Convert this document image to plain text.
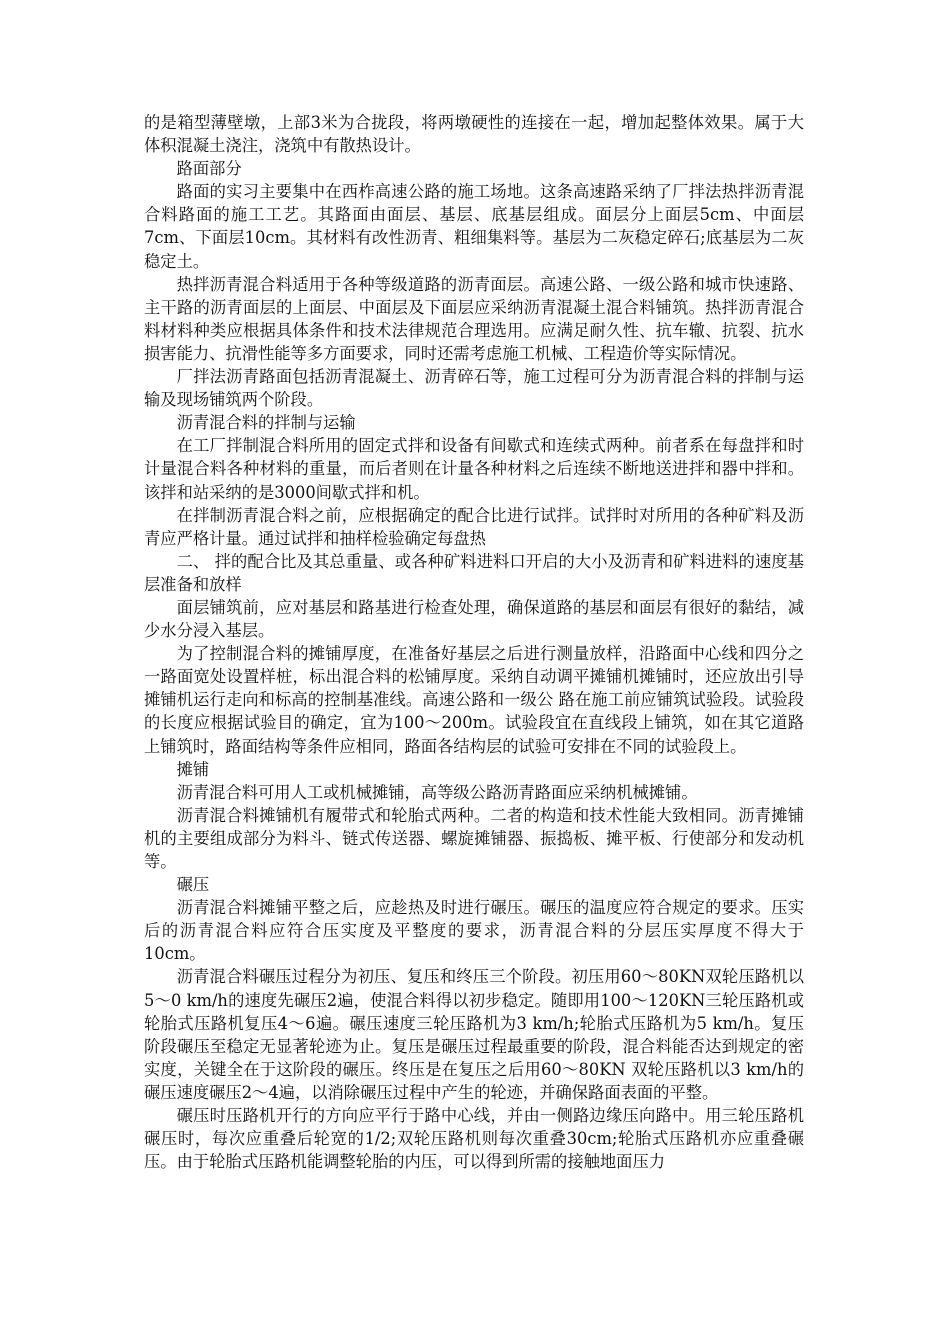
的是箱型薄壁墩，上部3米为合拢段，将两墩硬性的连接在一起，增加起整体效果。属于大体积混凝土浇注，浇筑中有散热设计。

路面部分

路面的实习主要集中在西柞高速公路的施工场地。这条高速路采纳了厂拌法热拌沥青混合料路面的施工工艺。其路面由面层、基层、底基层组成。面层分上面层5cm、中面层7cm、下面层10cm。其材料有改性沥青、粗细集料等。基层为二灰稳定碎石;底基层为二灰稳定土。

热拌沥青混合料适用于各种等级道路的沥青面层。高速公路、一级公路和城市快速路、主干路的沥青面层的上面层、中面层及下面层应采纳沥青混凝土混合料铺筑。热拌沥青混合料材料种类应根据具体条件和技术法律规范合理选用。应满足耐久性、抗车辙、抗裂、抗水损害能力、抗滑性能等多方面要求，同时还需考虑施工机械、工程造价等实际情况。

厂拌法沥青路面包括沥青混凝土、沥青碎石等，施工过程可分为沥青混合料的拌制与运输及现场铺筑两个阶段。

沥青混合料的拌制与运输

在工厂拌制混合料所用的固定式拌和设备有间歇式和连续式两种。前者系在每盘拌和时计量混合料各种材料的重量，而后者则在计量各种材料之后连续不断地送进拌和器中拌和。该拌和站采纳的是3000间歇式拌和机。

在拌制沥青混合料之前，应根据确定的配合比进行试拌。试拌时对所用的各种矿料及沥青应严格计量。通过试拌和抽样检验确定每盘热

二、 拌的配合比及其总重量、或各种矿料进料口开启的大小及沥青和矿料进料的速度基层准备和放样

面层铺筑前，应对基层和路基进行检查处理，确保道路的基层和面层有很好的黏结，减少水分浸入基层。

为了控制混合料的摊铺厚度，在准备好基层之后进行测量放样，沿路面中心线和四分之一路面宽处设置样桩，标出混合料的松铺厚度。采纳自动调平摊铺机摊铺时，还应放出引导摊铺机运行走向和标高的控制基准线。高速公路和一级公 路在施工前应铺筑试验段。试验段的长度应根据试验目的确定，宜为100～200m。试验段宜在直线段上铺筑，如在其它道路上铺筑时，路面结构等条件应相同，路面各结构层的试验可安排在不同的试验段上。

摊铺

沥青混合料可用人工或机械摊铺，高等级公路沥青路面应采纳机械摊铺。

沥青混合料摊铺机有履带式和轮胎式两种。二者的构造和技术性能大致相同。沥青摊铺机的主要组成部分为料斗、链式传送器、螺旋摊铺器、振捣板、摊平板、行使部分和发动机等。

碾压

沥青混合料摊铺平整之后，应趁热及时进行碾压。碾压的温度应符合规定的要求。压实后的沥青混合料应符合压实度及平整度的要求，沥青混合料的分层压实厚度不得大于10cm。

沥青混合料碾压过程分为初压、复压和终压三个阶段。初压用60～80KN双轮压路机以5～0 km/h的速度先碾压2遍，使混合料得以初步稳定。随即用100～120KN三轮压路机或轮胎式压路机复压4～6遍。碾压速度三轮压路机为3 km/h;轮胎式压路机为5 km/h。复压阶段碾压至稳定无显著轮迹为止。复压是碾压过程最重要的阶段，混合料能否达到规定的密实度，关键全在于这阶段的碾压。终压是在复压之后用60～80KN 双轮压路机以3 km/h的碾压速度碾压2～4遍，以消除碾压过程中产生的轮迹，并确保路面表面的平整。

碾压时压路机开行的方向应平行于路中心线，并由一侧路边缘压向路中。用三轮压路机碾压时，每次应重叠后轮宽的1/2;双轮压路机则每次重叠30cm;轮胎式压路机亦应重叠碾压。由于轮胎式压路机能调整轮胎的内压，可以得到所需的接触地面压力
